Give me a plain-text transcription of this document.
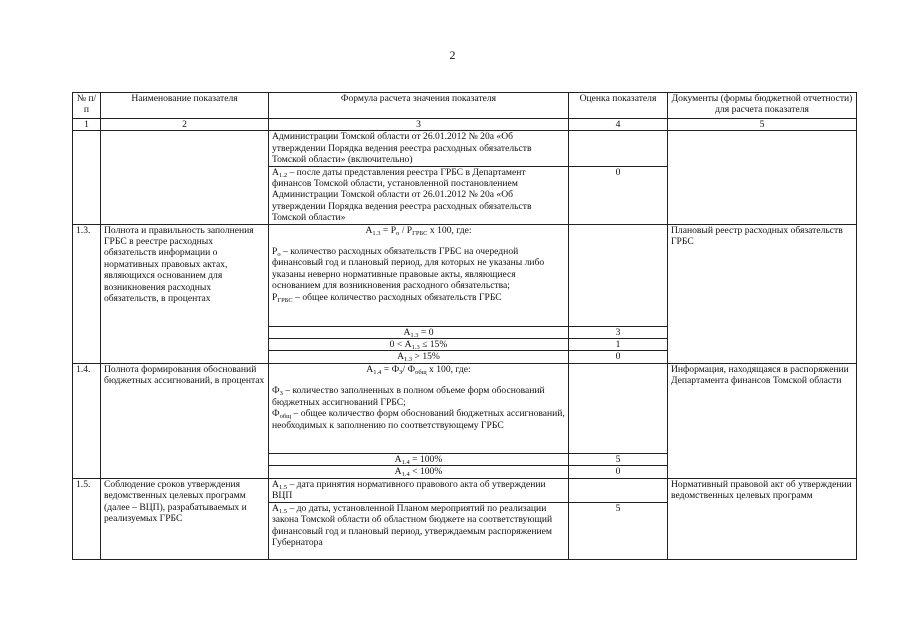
2
№ п/п	Наименование показателя	Формула расчета значения показателя	Оценка показателя	Документы (формы бюджетной отчетности) для расчета показателя
1	2	3	4	5
		Администрации Томской области от 26.01.2012 № 20а «Об утверждении Порядка ведения реестра расходных обязательств Томской области» (включительно)		
		$А_{1.2}$ – после даты представления реестра ГРБС в Департамент финансов Томской области, установленной постановлением Администрации Томской области от 26.01.2012 № 20а «Об утверждении Порядка ведения реестра расходных обязательств Томской области»	0	
1.3.	Полнота и правильность заполнения ГРБС в реестре расходных обязательств информации о нормативных правовых актах, являющихся основанием для возникновения расходных обязательств, в процентах	$А_{1.3} = Р_о / Р_{ГРБС}$ х 100, где:
$Р_о$ – количество расходных обязательств ГРБС на очередной финансовый год и плановый период, для которых не указаны либо указаны неверно нормативные правовые акты, являющиеся основанием для возникновения расходного обязательства;
$Р_{ГРБС}$ – общее количество расходных обязательств ГРБС		Плановый реестр расходных обязательств ГРБС
		$А_{1.3} = 0$	3	
		$0 < А_{1.3} \le 15\%$	1	
		$А_{1.3} > 15\%$	0	
1.4.	Полнота формирования обоснований бюджетных ассигнований, в процентах	$А_{1.4} = Ф_З/$ $Ф_{общ}$ х 100, где:
$Ф_З$ – количество заполненных в полном объеме форм обоснований бюджетных ассигнований ГРБС;
$Ф_{общ}$ – общее количество форм обоснований бюджетных ассигнований, необходимых к заполнению по соответствующему ГРБС		Информация, находящаяся в распоряжении Департамента финансов Томской области
		$А_{1.4} = 100\%$	5	
		$А_{1.4} < 100\%$	0	
1.5.	Соблюдение сроков утверждения ведомственных целевых программ (далее – ВЦП), разрабатываемых и реализуемых ГРБС	$А_{1.5}$ – дата принятия нормативного правового акта об утверждении ВЦП		Нормативный правовой акт об утверждении ведомственных целевых программ
		$А_{1.5}$ – до даты, установленной Планом мероприятий по реализации закона Томской области об областном бюджете на соответствующий финансовый год и плановый период, утверждаемым распоряжением Губернатора	5	
